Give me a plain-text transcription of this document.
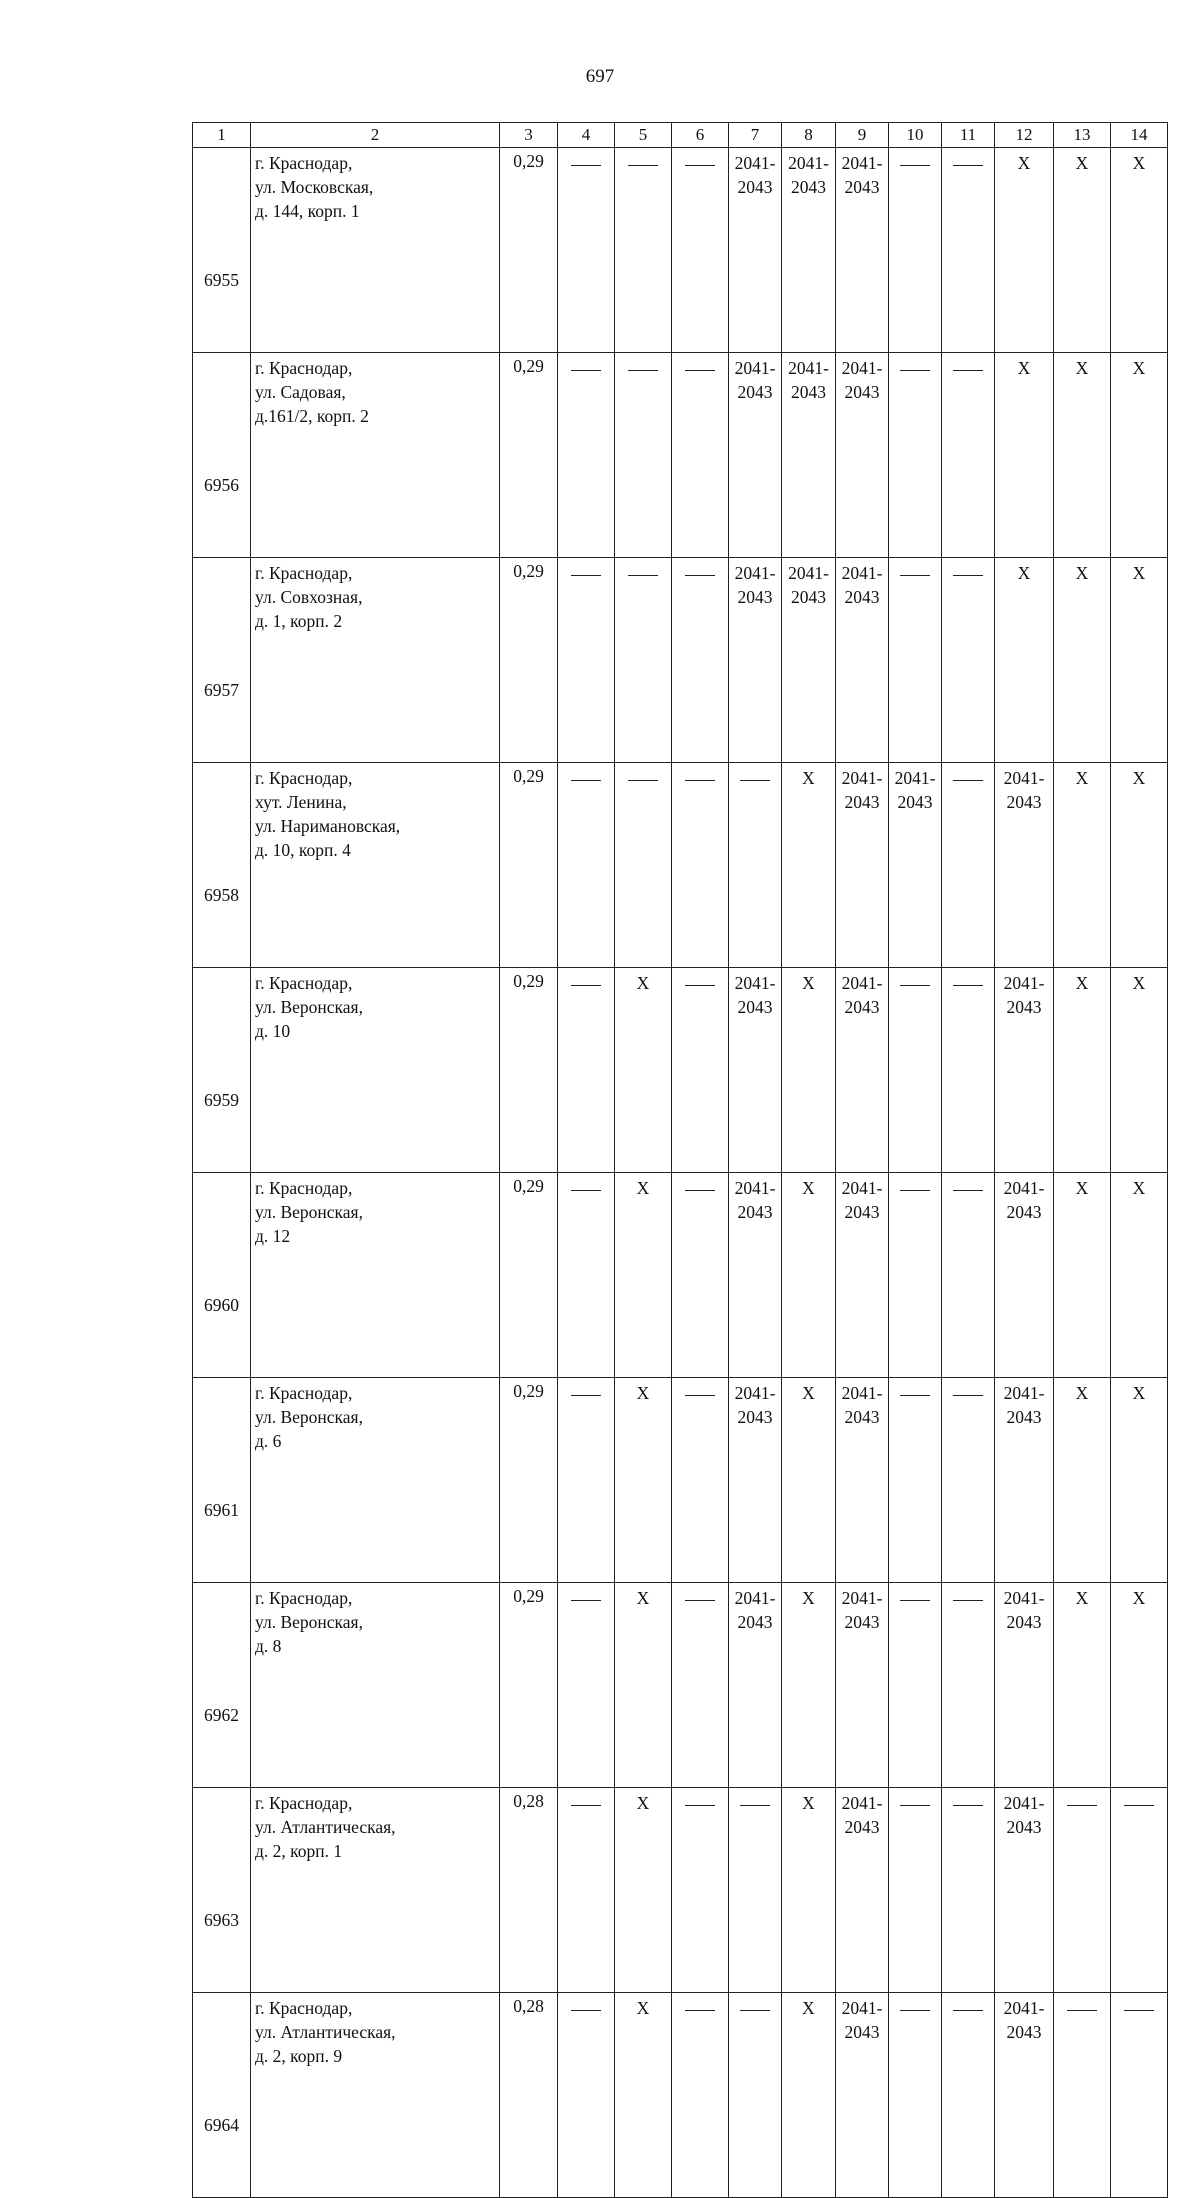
697
1	2	3	4	5	6	7	8	9	10	11	12	13	14
6955	г. Краснодар,
ул. Московская,
д. 144, корп. 1	0,29				2041-
2043	2041-
2043	2041-
2043			X	X	X
6956	г. Краснодар,
ул. Садовая,
д.161/2, корп. 2	0,29				2041-
2043	2041-
2043	2041-
2043			X	X	X
6957	г. Краснодар,
ул. Совхозная,
д. 1, корп. 2	0,29				2041-
2043	2041-
2043	2041-
2043			X	X	X
6958	г. Краснодар,
хут. Ленина,
ул. Наримановская,
д. 10, корп. 4	0,29					X	2041-
2043	2041-
2043		2041-
2043	X	X
6959	г. Краснодар,
ул. Веронская,
д. 10	0,29		X		2041-
2043	X	2041-
2043			2041-
2043	X	X
6960	г. Краснодар,
ул. Веронская,
д. 12	0,29		X		2041-
2043	X	2041-
2043			2041-
2043	X	X
6961	г. Краснодар,
ул. Веронская,
д. 6	0,29		X		2041-
2043	X	2041-
2043			2041-
2043	X	X
6962	г. Краснодар,
ул. Веронская,
д. 8	0,29		X		2041-
2043	X	2041-
2043			2041-
2043	X	X
6963	г. Краснодар,
ул. Атлантическая,
д. 2, корп. 1	0,28		X			X	2041-
2043			2041-
2043		

6964	г. Краснодар,
ул. Атлантическая,
д. 2, корп. 9	0,28		X			X	2041-
2043			2041-
2043		
